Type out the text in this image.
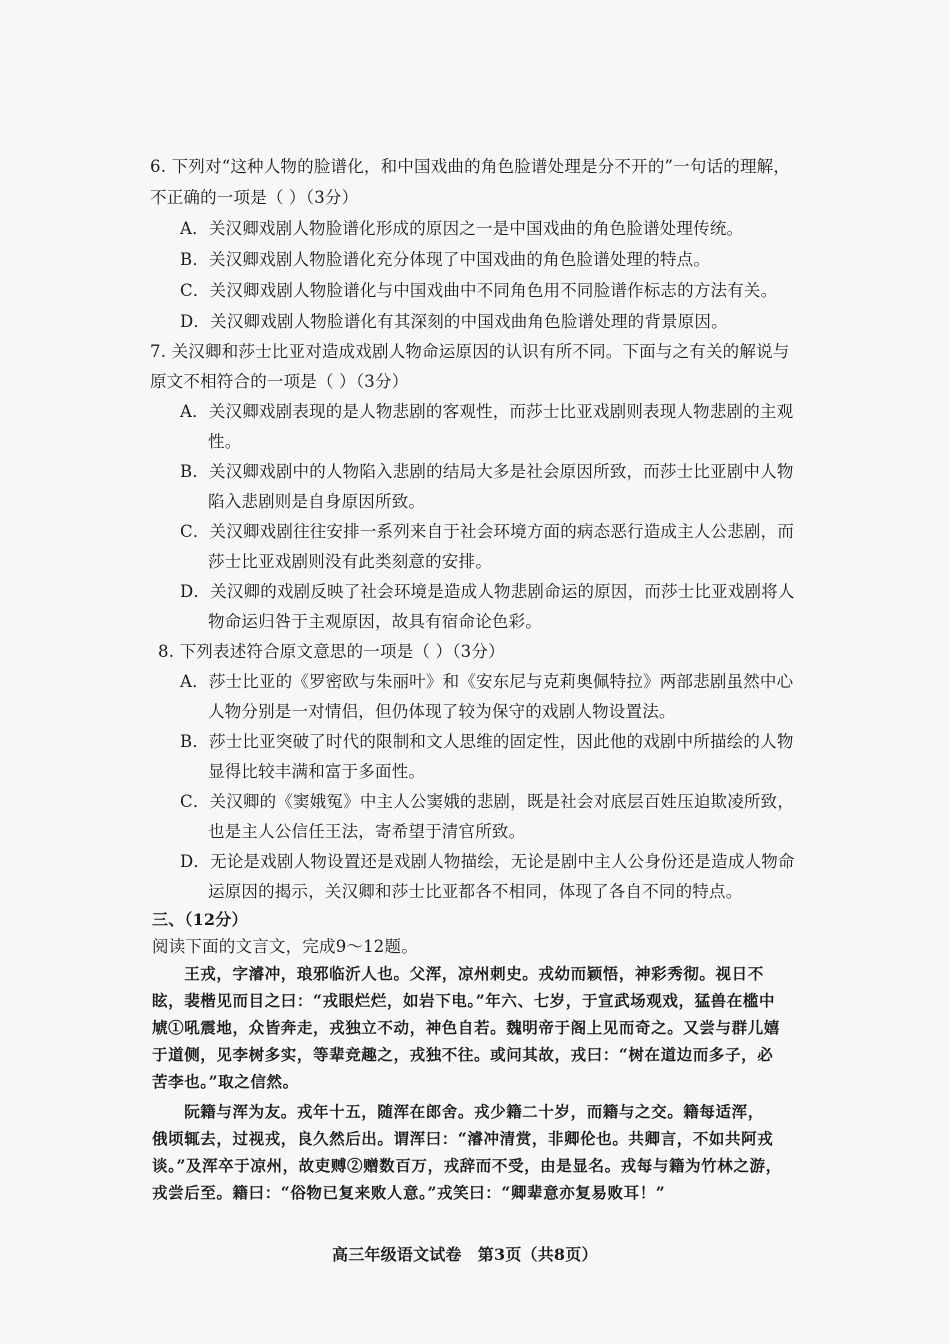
6. 下列对“这种人物的脸谱化，和中国戏曲的角色脸谱处理是分不开的”一句话的理解，
不正确的一项是（ ）（3分）
A．关汉卿戏剧人物脸谱化形成的原因之一是中国戏曲的角色脸谱处理传统。
B．关汉卿戏剧人物脸谱化充分体现了中国戏曲的角色脸谱处理的特点。
C．关汉卿戏剧人物脸谱化与中国戏曲中不同角色用不同脸谱作标志的方法有关。
D．关汉卿戏剧人物脸谱化有其深刻的中国戏曲角色脸谱处理的背景原因。
7. 关汉卿和莎士比亚对造成戏剧人物命运原因的认识有所不同。下面与之有关的解说与
原文不相符合的一项是（ ）（3分）
A．关汉卿戏剧表现的是人物悲剧的客观性，而莎士比亚戏剧则表现人物悲剧的主观
性。
B．关汉卿戏剧中的人物陷入悲剧的结局大多是社会原因所致，而莎士比亚剧中人物
陷入悲剧则是自身原因所致。
C．关汉卿戏剧往往安排一系列来自于社会环境方面的病态恶行造成主人公悲剧，而
莎士比亚戏剧则没有此类刻意的安排。
D．关汉卿的戏剧反映了社会环境是造成人物悲剧命运的原因，而莎士比亚戏剧将人
物命运归咎于主观原因，故具有宿命论色彩。
8. 下列表述符合原文意思的一项是（ ）（3分）
A．莎士比亚的《罗密欧与朱丽叶》和《安东尼与克莉奥佩特拉》两部悲剧虽然中心
人物分别是一对情侣，但仍体现了较为保守的戏剧人物设置法。
B．莎士比亚突破了时代的限制和文人思维的固定性，因此他的戏剧中所描绘的人物
显得比较丰满和富于多面性。
C．关汉卿的《窦娥冤》中主人公窦娥的悲剧，既是社会对底层百姓压迫欺凌所致，
也是主人公信任王法，寄希望于清官所致。
D．无论是戏剧人物设置还是戏剧人物描绘，无论是剧中主人公身份还是造成人物命
运原因的揭示，关汉卿和莎士比亚都各不相同，体现了各自不同的特点。
三、（12分）
阅读下面的文言文，完成9～12题。
　　王戎，字濬冲，琅邪临沂人也。父浑，凉州刺史。戎幼而颖悟，神彩秀彻。视日不
眩，裴楷见而目之曰：“戎眼烂烂，如岩下电。”年六、七岁，于宣武场观戏，猛兽在槛中
虓①吼震地，众皆奔走，戎独立不动，神色自若。魏明帝于阁上见而奇之。又尝与群儿嬉
于道侧，见李树多实，等辈竞趣之，戎独不往。或问其故，戎曰：“树在道边而多子，必
苦李也。”取之信然。
　　阮籍与浑为友。戎年十五，随浑在郎舍。戎少籍二十岁，而籍与之交。籍每适浑，
俄顷辄去，过视戎，良久然后出。谓浑曰：“濬冲清赏，非卿伦也。共卿言，不如共阿戎
谈。”及浑卒于凉州，故吏赙②赠数百万，戎辞而不受，由是显名。戎每与籍为竹林之游，
戎尝后至。籍曰：“俗物已复来败人意。”戎笑曰：“卿辈意亦复易败耳！”
高三年级语文试卷　第3页（共8页）
